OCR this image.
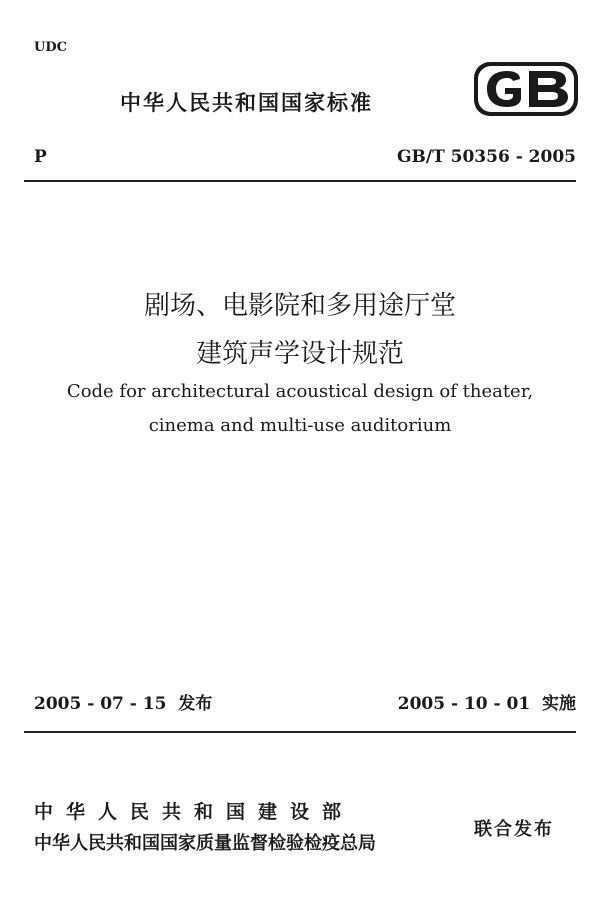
UDC

中华人民共和国国家标准

P	GB/T 50356 - 2005

剧场、电影院和多用途厅堂

建筑声学设计规范

Code for architectural acoustical design of theater,

cinema and multi-use auditorium

2005 - 07 - 15  发布	2005 - 10 - 01  实施

中华人民共和国建设部

中华人民共和国国家质量监督检验检疫总局

联合发布
